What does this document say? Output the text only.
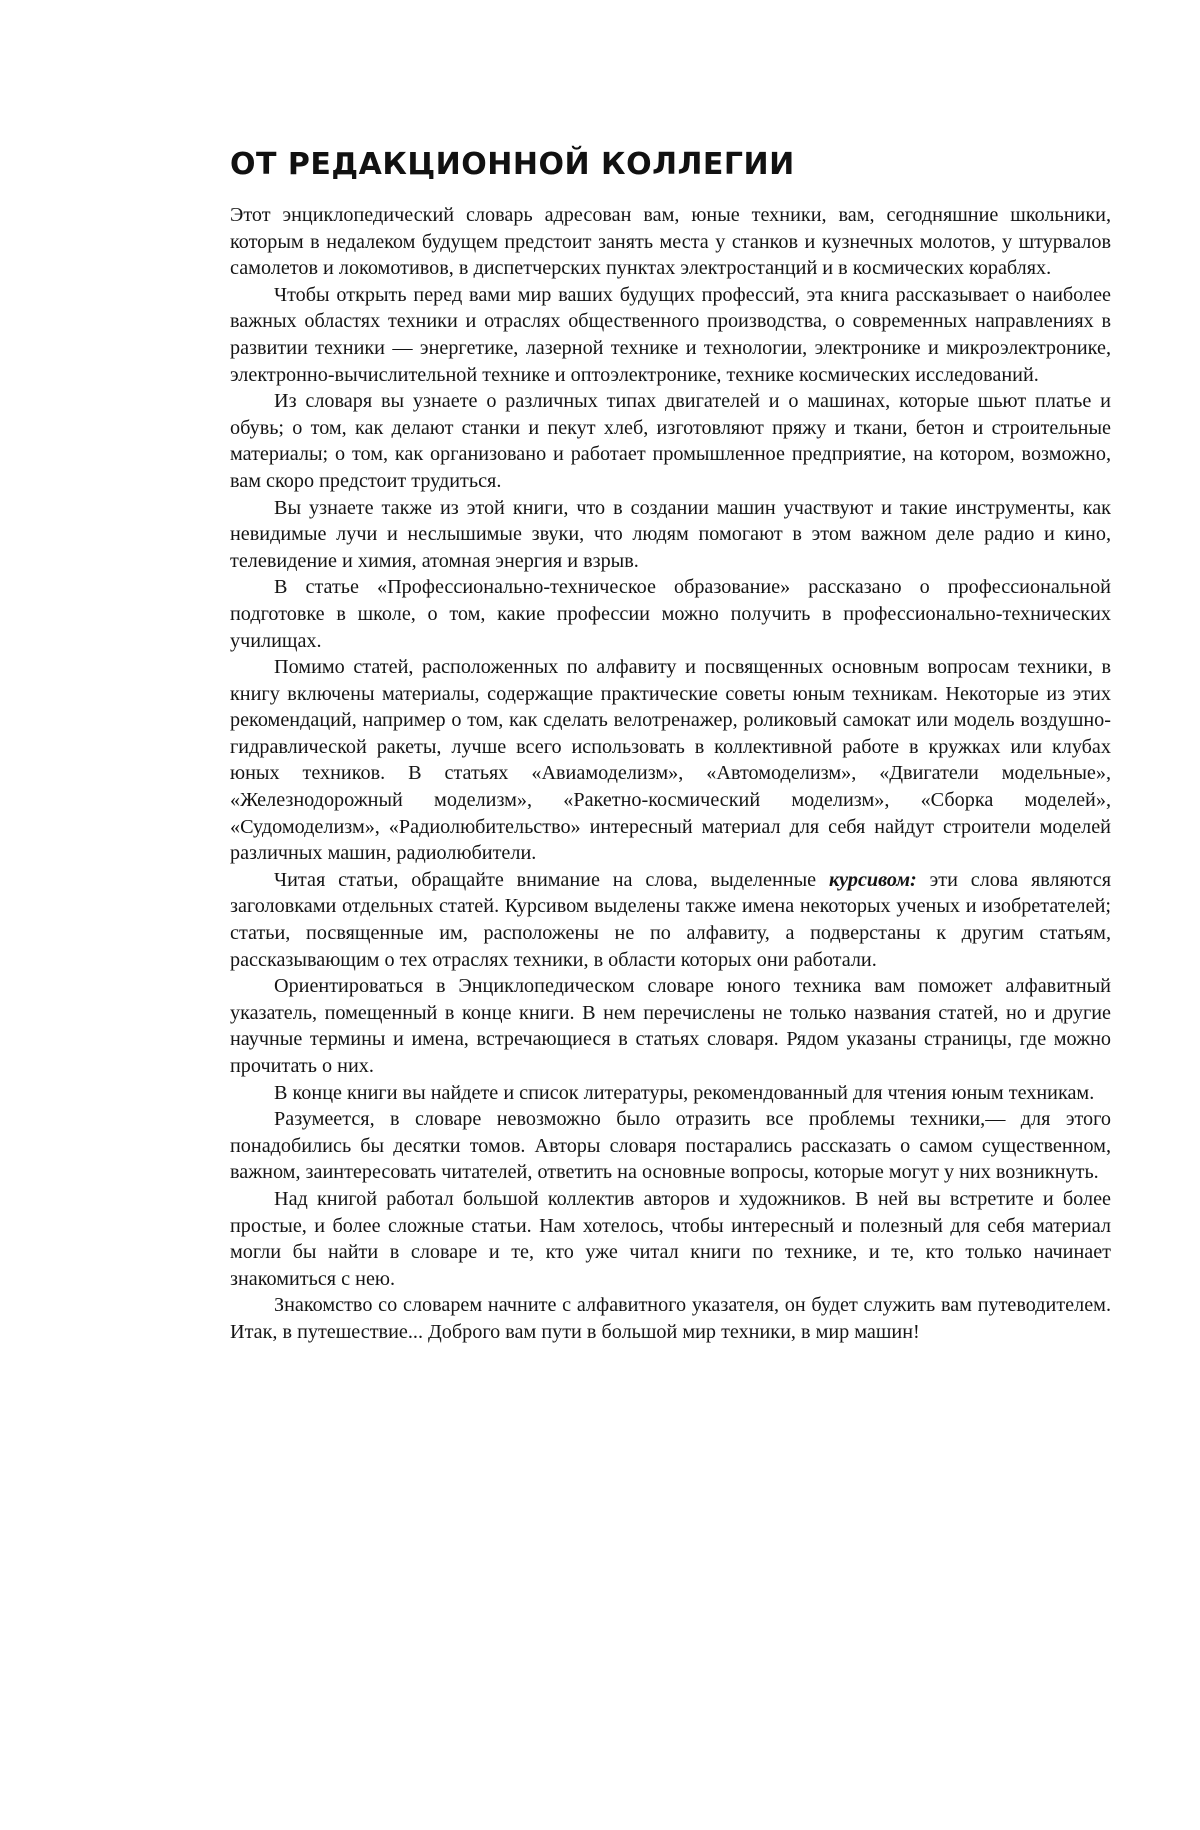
ОТ РЕДАКЦИОННОЙ КОЛЛЕГИИ

Этот энциклопедический словарь адресован вам, юные техники, вам, сегодняшние школьники, которым в недалеком будущем предстоит занять места у станков и кузнечных молотов, у штурвалов самолетов и локомотивов, в диспетчерских пунктах электростанций и в космических кораблях.

Чтобы открыть перед вами мир ваших будущих профессий, эта книга рассказывает о наиболее важных областях техники и отраслях общественного производства, о современных направлениях в развитии техники — энергетике, лазерной технике и технологии, электронике и микроэлектронике, электронно-вычислительной технике и оптоэлектронике, технике космических исследований.

Из словаря вы узнаете о различных типах двигателей и о машинах, которые шьют платье и обувь; о том, как делают станки и пекут хлеб, изготовляют пряжу и ткани, бетон и строительные материалы; о том, как организовано и работает промышленное предприятие, на котором, возможно, вам скоро предстоит трудиться.

Вы узнаете также из этой книги, что в создании машин участвуют и такие инструменты, как невидимые лучи и неслышимые звуки, что людям помогают в этом важном деле радио и кино, телевидение и химия, атомная энергия и взрыв.

В статье «Профессионально-техническое образование» рассказано о профессиональной подготовке в школе, о том, какие профессии можно получить в профессионально-технических училищах.

Помимо статей, расположенных по алфавиту и посвященных основным вопросам техники, в книгу включены материалы, содержащие практические советы юным техникам. Некоторые из этих рекомендаций, например о том, как сделать велотренажер, роликовый самокат или модель воздушно-гидравлической ракеты, лучше всего использовать в коллективной работе в кружках или клубах юных техников. В статьях «Авиамоделизм», «Автомоделизм», «Двигатели модельные», «Железнодорожный моделизм», «Ракетно-космический моделизм», «Сборка моделей», «Судомоделизм», «Радиолюбительство» интересный материал для себя найдут строители моделей различных машин, радиолюбители.

Читая статьи, обращайте внимание на слова, выделенные курсивом: эти слова являются заголовками отдельных статей. Курсивом выделены также имена некоторых ученых и изобретателей; статьи, посвященные им, расположены не по алфавиту, а подверстаны к другим статьям, рассказывающим о тех отраслях техники, в области которых они работали.

Ориентироваться в Энциклопедическом словаре юного техника вам поможет алфавитный указатель, помещенный в конце книги. В нем перечислены не только названия статей, но и другие научные термины и имена, встречающиеся в статьях словаря. Рядом указаны страницы, где можно прочитать о них.

В конце книги вы найдете и список литературы, рекомендованный для чтения юным техникам.

Разумеется, в словаре невозможно было отразить все проблемы техники,— для этого понадобились бы десятки томов. Авторы словаря постарались рассказать о самом существенном, важном, заинтересовать читателей, ответить на основные вопросы, которые могут у них возникнуть.

Над книгой работал большой коллектив авторов и художников. В ней вы встретите и более простые, и более сложные статьи. Нам хотелось, чтобы интересный и полезный для себя материал могли бы найти в словаре и те, кто уже читал книги по технике, и те, кто только начинает знакомиться с нею.

Знакомство со словарем начните с алфавитного указателя, он будет служить вам путеводителем. Итак, в путешествие... Доброго вам пути в большой мир техники, в мир машин!
